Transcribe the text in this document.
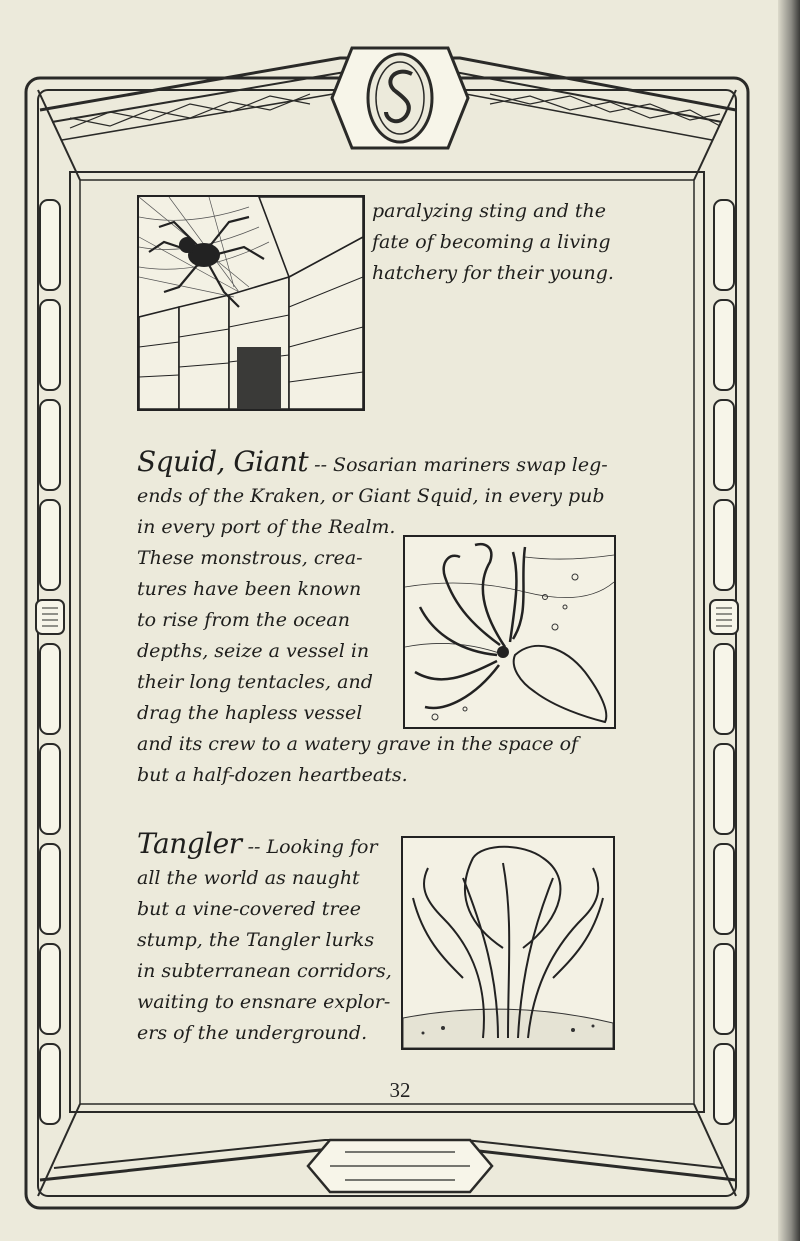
paralyzing sting and the
fate of becoming a living
hatchery for their young.

Squid, Giant -- Sosarian mariners swap leg-
ends of the Kraken, or Giant Squid, in every pub
in every port of the Realm.
These monstrous, crea-
tures have been known
to rise from the ocean
depths, seize a vessel in
their long tentacles, and
drag the hapless vessel
and its crew to a watery grave in the space of
but a half-dozen heartbeats.

Tangler -- Looking for
all the world as naught
but a vine-covered tree
stump, the Tangler lurks
in subterranean corridors,
waiting to ensnare explor-
ers of the underground.

32
